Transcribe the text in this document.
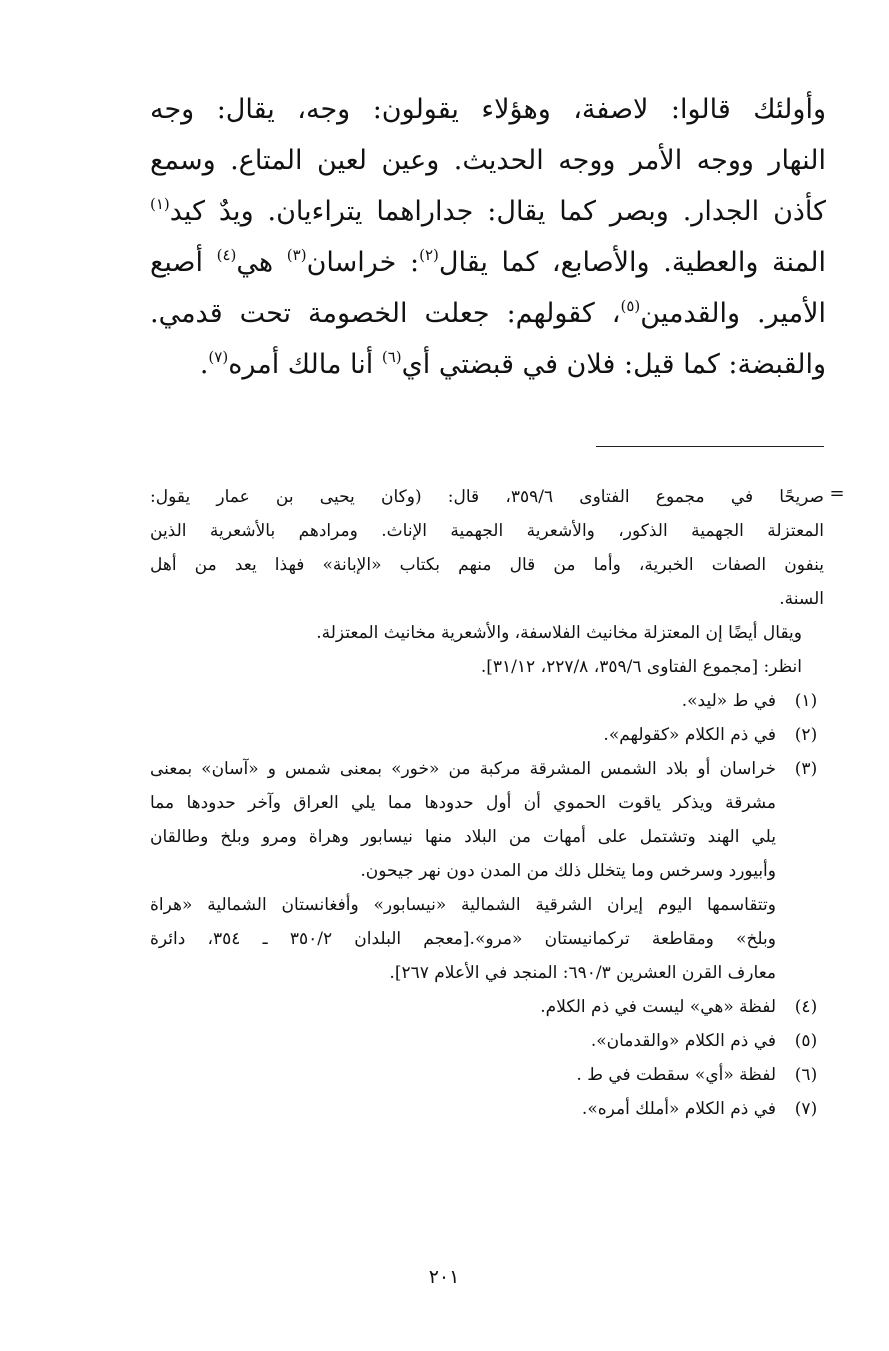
وأولئك قالوا: لاصفة، وهؤلاء يقولون: وجه، يقال: وجه
النهار ووجه الأمر ووجه الحديث. وعين لعين المتاع. وسمع
كأذن الجدار. وبصر كما يقال: جداراهما يتراءيان. ويدٌ كيد$^{(١)}$
المنة والعطية. والأصابع، كما يقال$^{(٢)}$: خراسان$^{(٣)}$ هي$^{(٤)}$ أصبع
الأمير. والقدمين$^{(٥)}$، كقولهم: جعلت الخصومة تحت قدمي.
والقبضة: كما قيل: فلان في قبضتي أي$^{(٦)}$ أنا مالك أمره$^{(٧)}$.
=
صريحًا في مجموع الفتاوى ٣٥٩/٦، قال: (وكان يحيى بن عمار يقول:
المعتزلة الجهمية الذكور، والأشعرية الجهمية الإناث. ومرادهم بالأشعرية الذين
ينفون الصفات الخبرية، وأما من قال منهم بكتاب «الإبانة» فهذا يعد من أهل
السنة.
ويقال أيضًا إن المعتزلة مخانيث الفلاسفة، والأشعرية مخانيث المعتزلة.
انظر: [مجموع الفتاوى ٣٥٩/٦، ٢٢٧/٨، ٣١/١٢].
(١)
في ط «ليد».
(٢)
في ذم الكلام «كقولهم».
(٣)
خراسان أو بلاد الشمس المشرقة مركبة من «خور» بمعنى شمس و «آسان» بمعنى
مشرقة ويذكر ياقوت الحموي أن أول حدودها مما يلي العراق وآخر حدودها مما
يلي الهند وتشتمل على أمهات من البلاد منها نيسابور وهراة ومرو وبلخ وطالقان
وأبيورد وسرخس وما يتخلل ذلك من المدن دون نهر جيحون.
وتتقاسمها اليوم إيران الشرقية الشمالية «نيسابور» وأفغانستان الشمالية «هراة
وبلخ» ومقاطعة تركمانيستان «مرو».[معجم البلدان ٣٥٠/٢ ـ ٣٥٤، دائرة
معارف القرن العشرين ٦٩٠/٣: المنجد في الأعلام ٢٦٧].
(٤)
لفظة «هي» ليست في ذم الكلام.
(٥)
في ذم الكلام «والقدمان».
(٦)
لفظة «أي» سقطت في ط .
(٧)
في ذم الكلام «أملك أمره».
٢٠١
